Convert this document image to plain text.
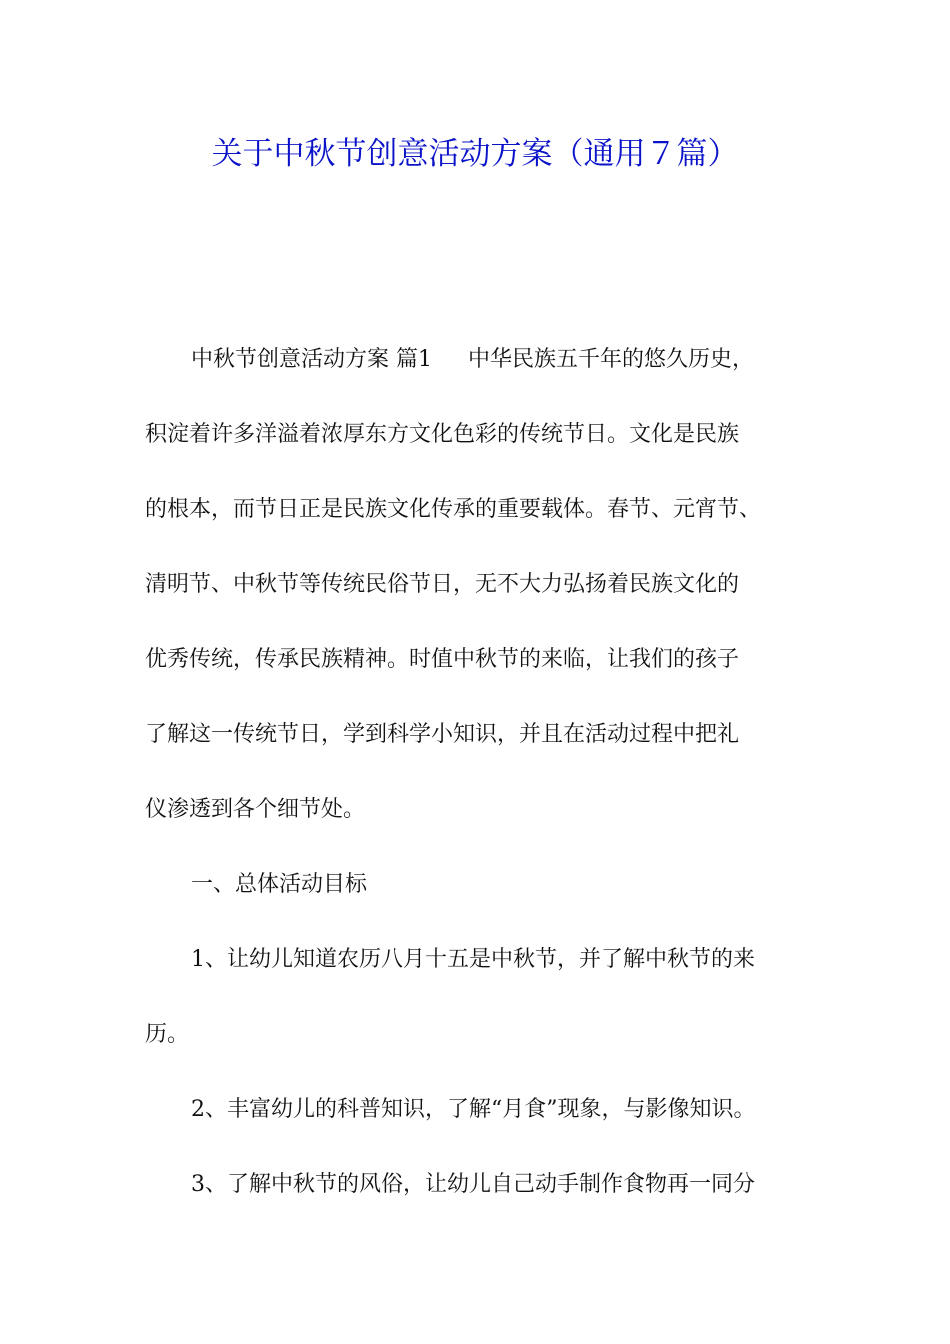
关于中秋节创意活动方案（通用７篇）
中秋节创意活动方案 篇1 中华民族五千年的悠久历史，
积淀着许多洋溢着浓厚东方文化色彩的传统节日。文化是民族
的根本，而节日正是民族文化传承的重要载体。春节、元宵节、
清明节、中秋节等传统民俗节日，无不大力弘扬着民族文化的
优秀传统，传承民族精神。时值中秋节的来临，让我们的孩子
了解这一传统节日，学到科学小知识，并且在活动过程中把礼
仪渗透到各个细节处。
一、总体活动目标
1、让幼儿知道农历八月十五是中秋节，并了解中秋节的来
历。
2、丰富幼儿的科普知识，了解“月食”现象，与影像知识。
3、了解中秋节的风俗，让幼儿自己动手制作食物再一同分
